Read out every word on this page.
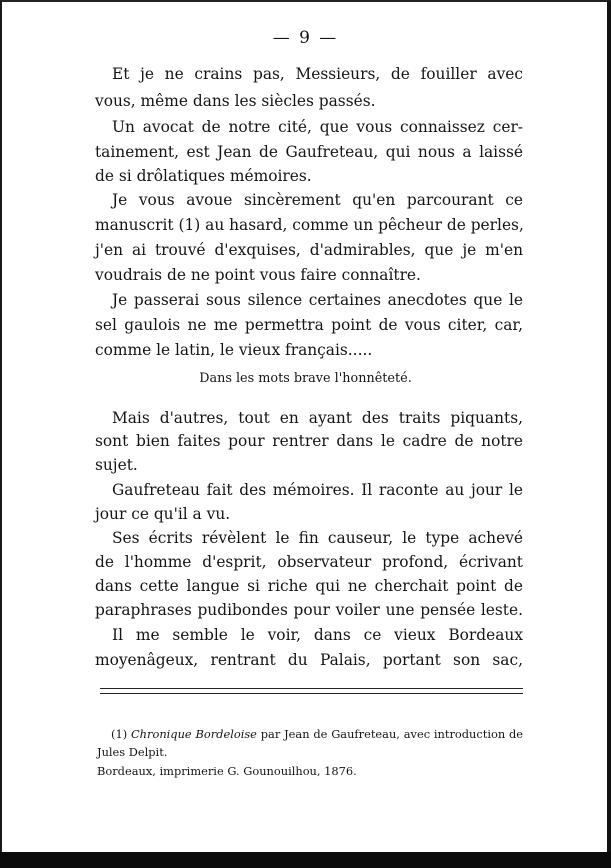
— 9 —
Et je ne crains pas, Messieurs, de fouiller avec
vous, même dans les siècles passés.
Un avocat de notre cité, que vous connaissez cer-
tainement, est Jean de Gaufreteau, qui nous a laissé
de si drôlatiques mémoires.
Je vous avoue sincèrement qu'en parcourant ce
manuscrit (1) au hasard, comme un pêcheur de perles,
j'en ai trouvé d'exquises, d'admirables, que je m'en
voudrais de ne point vous faire connaître.
Je passerai sous silence certaines anecdotes que le
sel gaulois ne me permettra point de vous citer, car,
comme le latin, le vieux français.....
Dans les mots brave l'honnêteté.
Mais d'autres, tout en ayant des traits piquants,
sont bien faites pour rentrer dans le cadre de notre
sujet.
Gaufreteau fait des mémoires. Il raconte au jour le
jour ce qu'il a vu.
Ses écrits révèlent le fin causeur, le type achevé
de l'homme d'esprit, observateur profond, écrivant
dans cette langue si riche qui ne cherchait point de
paraphrases pudibondes pour voiler une pensée leste.
Il me semble le voir, dans ce vieux Bordeaux
moyenâgeux, rentrant du Palais, portant son sac,
(1) Chronique Bordeloise par Jean de Gaufreteau, avec introduction de
Jules Delpit.
Bordeaux, imprimerie G. Gounouilhou, 1876.
